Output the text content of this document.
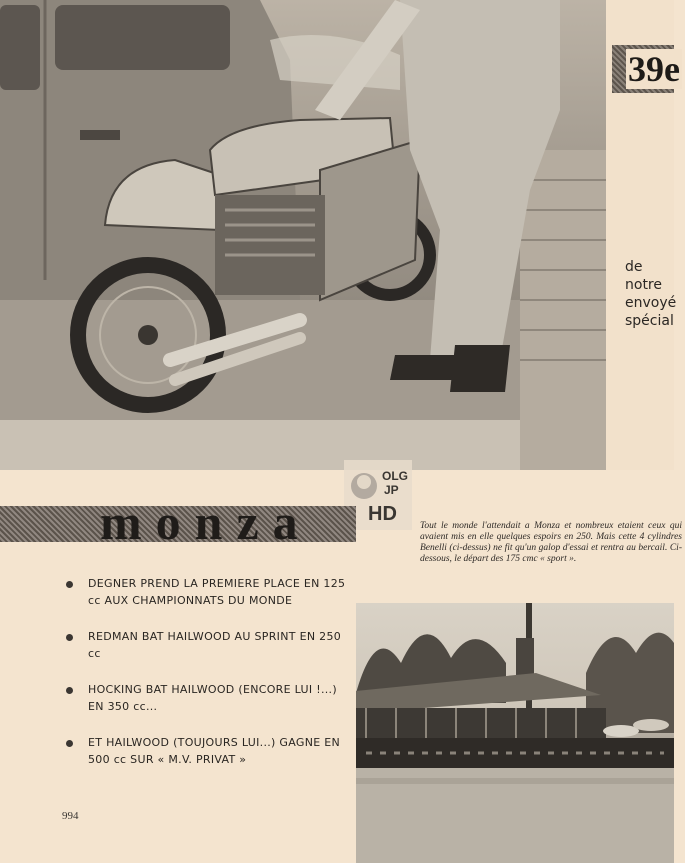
39e
de
notre
envoyé
spécial
OLG
JP
HD
monza	Tout le monde l'attendait a Monza et nombreux etaient ceux qui avaient mis en elle quelques espoirs en 250. Mais cette 4 cylindres Benelli (ci-dessus) ne fit qu'un galop d'essai et rentra au bercail. Ci-dessous, le départ des 175 cmc « sport ».
DEGNER PREND LA PREMIERE PLACE EN 125 cc AUX CHAMPIONNATS DU MONDE
REDMAN BAT HAILWOOD AU SPRINT EN 250 cc
HOCKING BAT HAILWOOD (ENCORE LUI !...) EN 350 cc...
ET HAILWOOD (TOUJOURS LUI...) GAGNE EN 500 cc SUR « M.V. PRIVAT »
994
